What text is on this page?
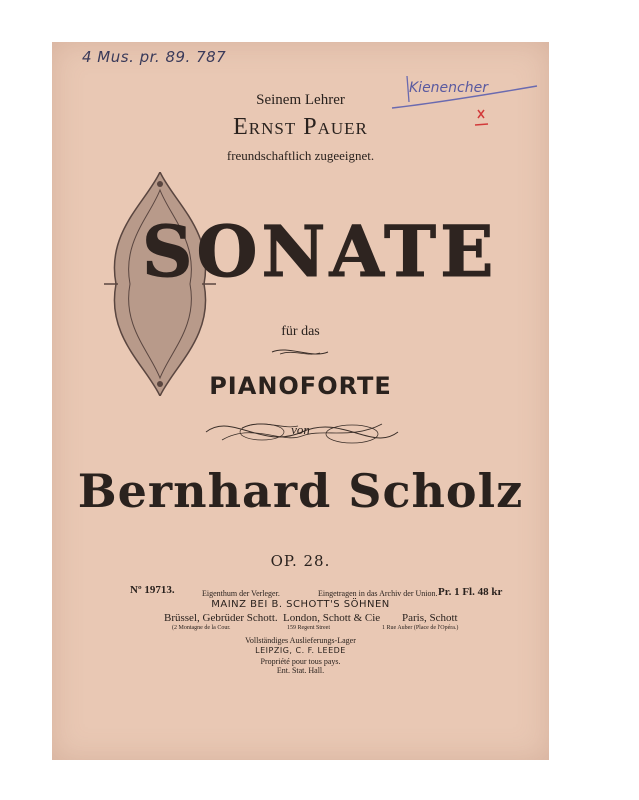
4 Mus. pr. 89. 787
Kienencher
Seinem Lehrer
Ernst Pauer
freundschaftlich zugeeignet.
SONATE
für das
PIANOFORTE
von
Bernhard Scholz
OP. 28.
Nº 19713.	Pr. 1 Fl. 48 kr
Eigenthum der Verleger.	Eingetragen in das Archiv der Union.
MAINZ BEI B. SCHOTT'S SÖHNEN
Brüssel, Gebrüder Schott. London, Schott & Cie Paris, Schott
(2 Montagne de la Cour.	159 Regent Street	1 Rue Auber (Place de l'Opéra.)
Vollständiges Auslieferungs-Lager
LEIPZIG, C. F. LEEDE
Propriété pour tous pays.
Ent. Stat. Hall.
